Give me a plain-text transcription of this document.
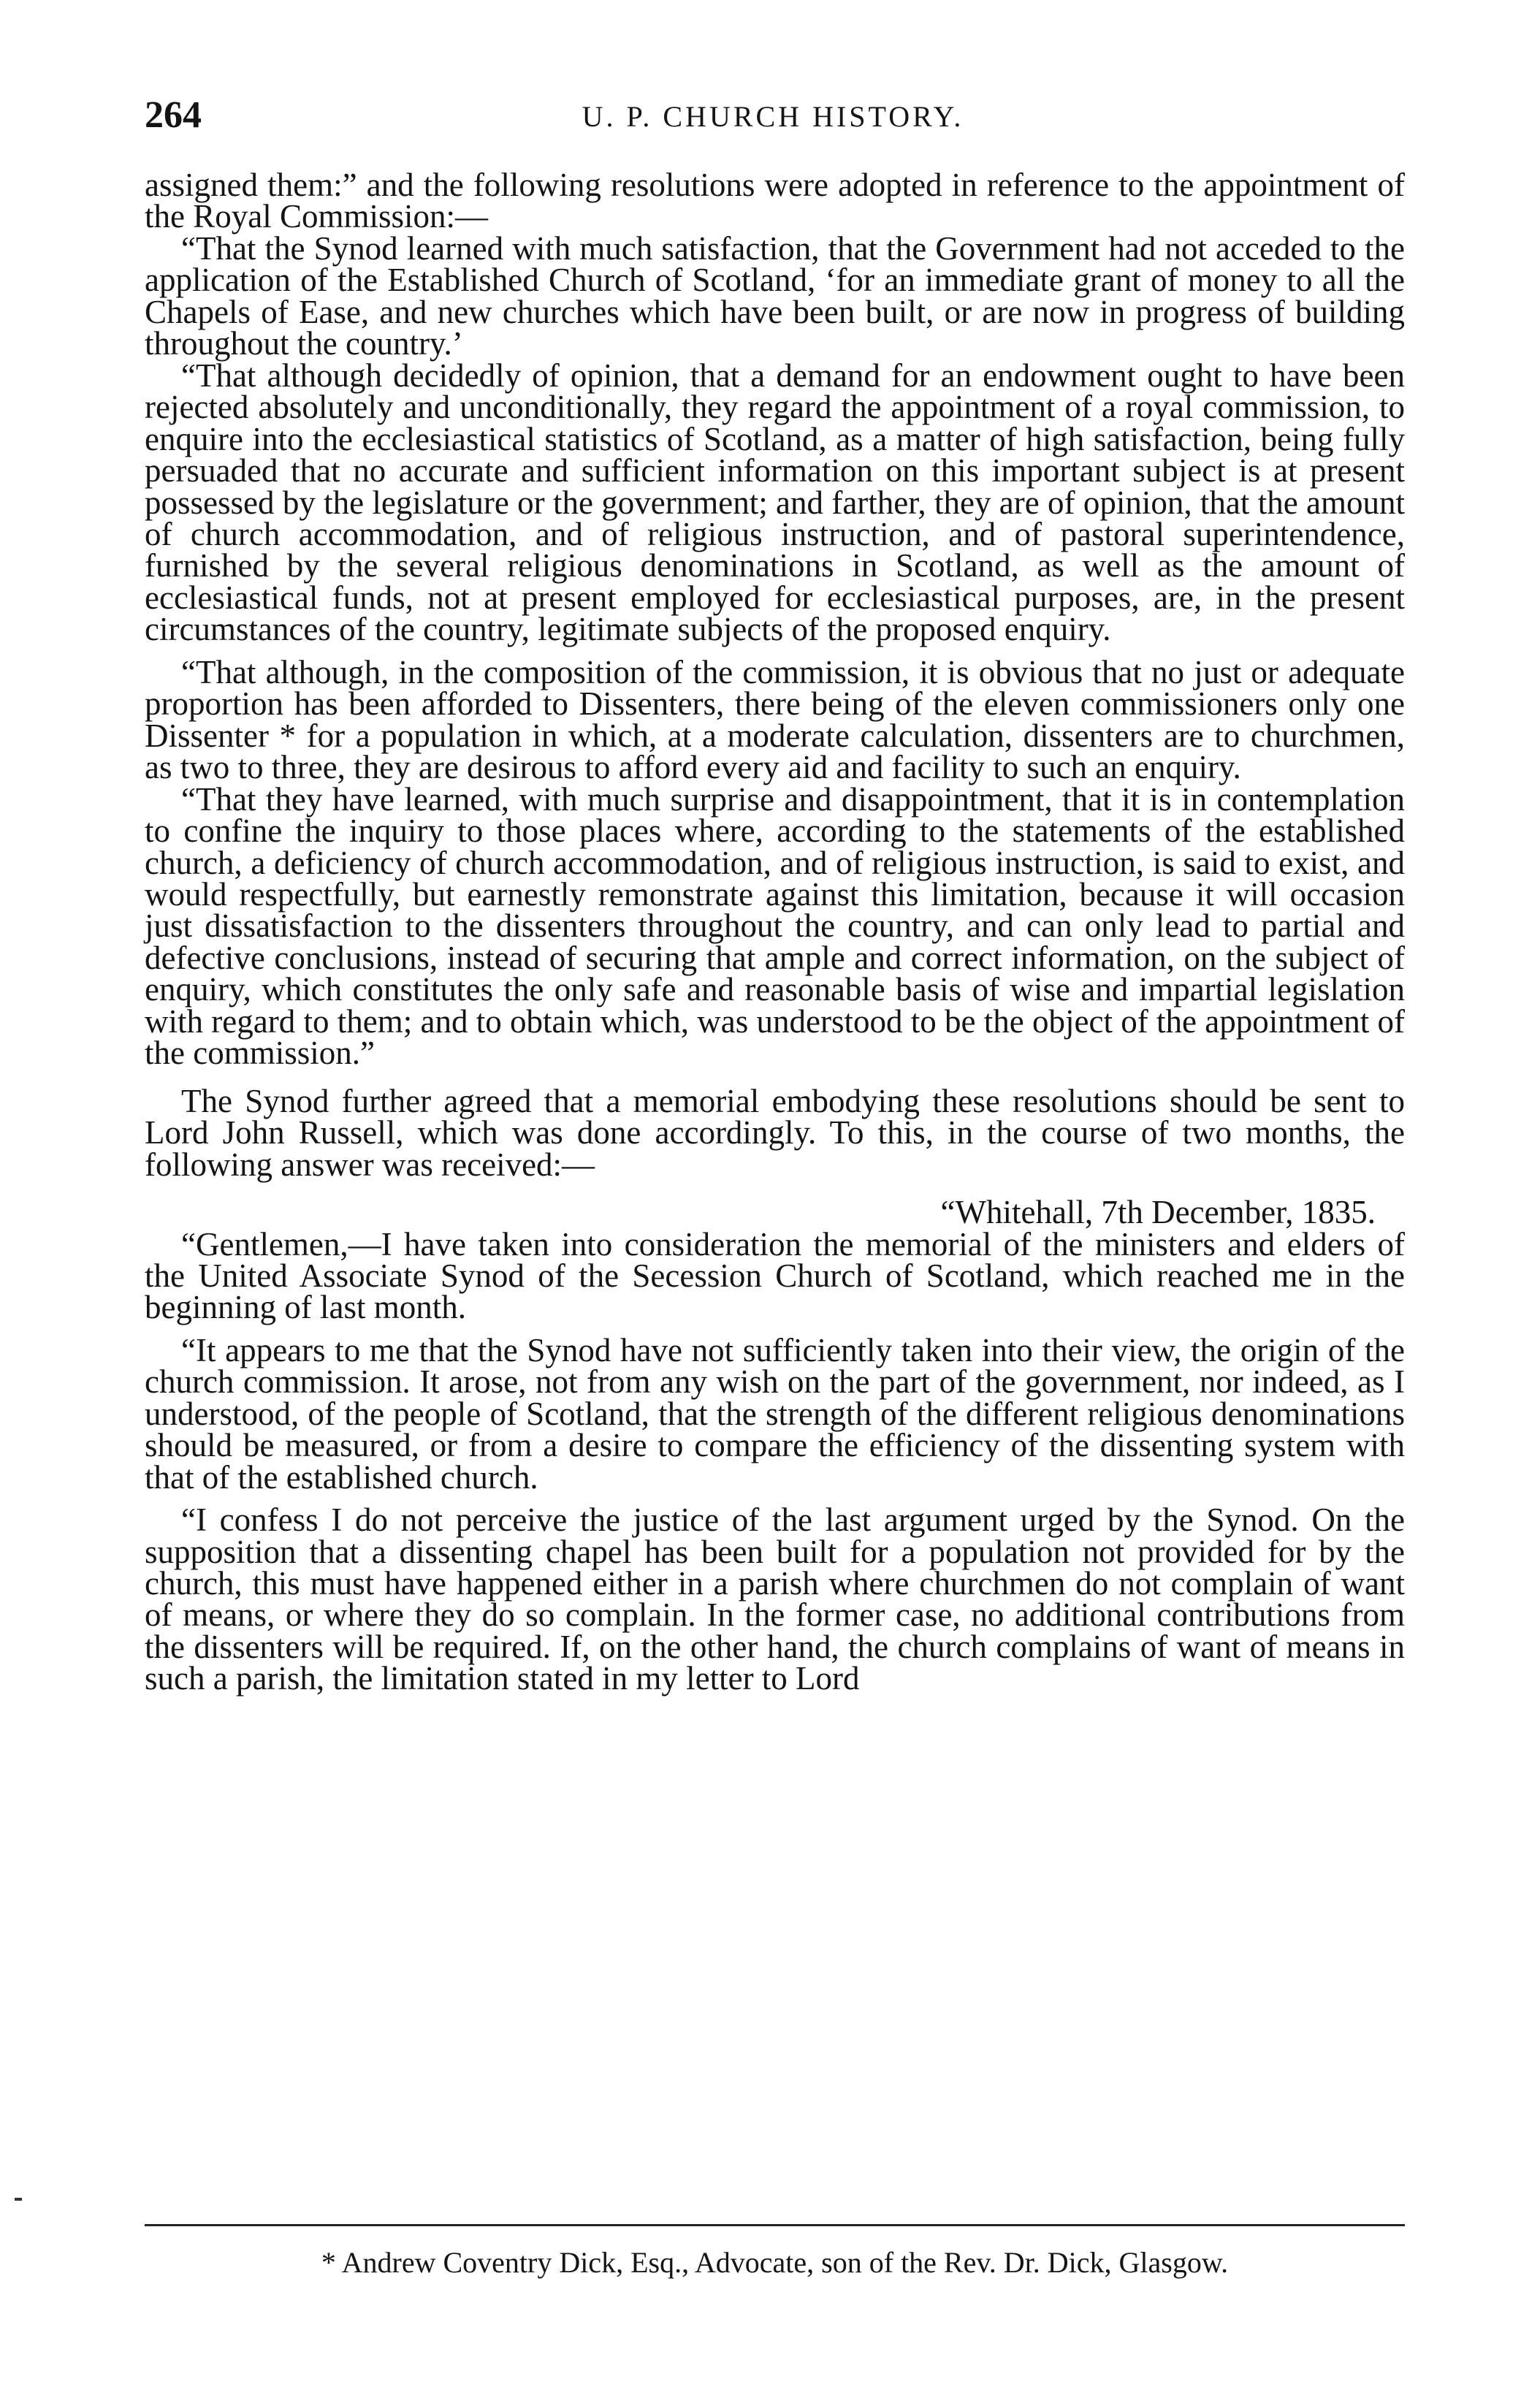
264	U. P. CHURCH HISTORY.

assigned them:” and the following resolutions were adopted in reference to the appointment of the Royal Commission:—

“That the Synod learned with much satisfaction, that the Government had not acceded to the application of the Established Church of Scotland, ‘for an immediate grant of money to all the Chapels of Ease, and new churches which have been built, or are now in progress of building throughout the country.’

“That although decidedly of opinion, that a demand for an endowment ought to have been rejected absolutely and unconditionally, they regard the appointment of a royal commission, to enquire into the ecclesiastical statistics of Scotland, as a matter of high satisfaction, being fully persuaded that no accurate and sufficient information on this important subject is at present possessed by the legislature or the government; and farther, they are of opinion, that the amount of church accommodation, and of religious instruction, and of pastoral superintendence, furnished by the several religious denominations in Scotland, as well as the amount of ecclesiastical funds, not at present employed for ecclesiastical purposes, are, in the present circumstances of the country, legitimate subjects of the proposed enquiry.

“That although, in the composition of the commission, it is obvious that no just or adequate proportion has been afforded to Dissenters, there being of the eleven commissioners only one Dissenter * for a population in which, at a moderate calculation, dissenters are to churchmen, as two to three, they are desirous to afford every aid and facility to such an enquiry.

“That they have learned, with much surprise and disappointment, that it is in contemplation to confine the inquiry to those places where, according to the statements of the established church, a deficiency of church accommodation, and of religious instruction, is said to exist, and would respectfully, but earnestly remonstrate against this limitation, because it will occasion just dissatisfaction to the dissenters throughout the country, and can only lead to partial and defective conclusions, instead of securing that ample and correct information, on the subject of enquiry, which constitutes the only safe and reasonable basis of wise and impartial legislation with regard to them; and to obtain which, was understood to be the object of the appointment of the commission.”

The Synod further agreed that a memorial embodying these resolutions should be sent to Lord John Russell, which was done accordingly. To this, in the course of two months, the following answer was received:—

“Whitehall, 7th December, 1835.

“Gentlemen,—I have taken into consideration the memorial of the ministers and elders of the United Associate Synod of the Secession Church of Scotland, which reached me in the beginning of last month.

“It appears to me that the Synod have not sufficiently taken into their view, the origin of the church commission. It arose, not from any wish on the part of the government, nor indeed, as I understood, of the people of Scotland, that the strength of the different religious denominations should be measured, or from a desire to compare the efficiency of the dissenting system with that of the established church.

“I confess I do not perceive the justice of the last argument urged by the Synod. On the supposition that a dissenting chapel has been built for a population not provided for by the church, this must have happened either in a parish where churchmen do not complain of want of means, or where they do so complain. In the former case, no additional contributions from the dissenters will be required. If, on the other hand, the church complains of want of means in such a parish, the limitation stated in my letter to Lord

* Andrew Coventry Dick, Esq., Advocate, son of the Rev. Dr. Dick, Glasgow.
